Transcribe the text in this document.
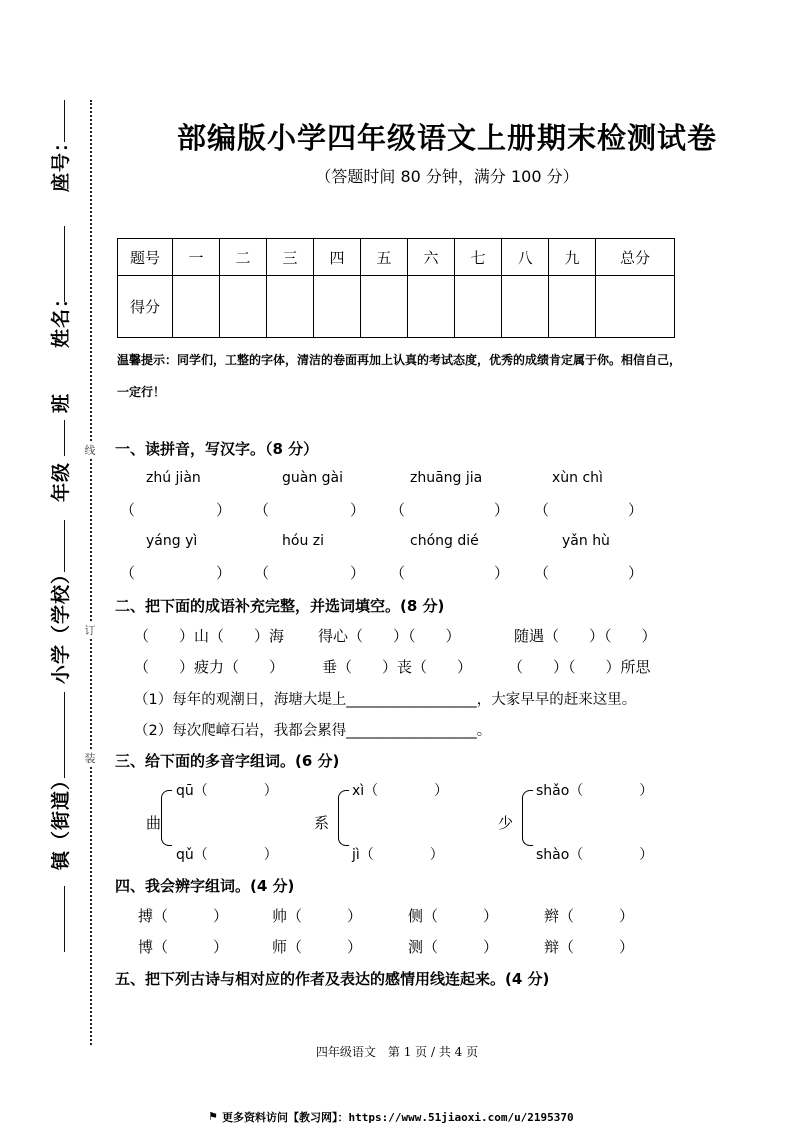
线
订
装
座号：
姓名：
班
年级
小学（学校）
镇（街道）
部编版小学四年级语文上册期末检测试卷
（答题时间 80 分钟，满分 100 分）
题号	一	二	三	四	五	六	七	八	九	总分
得分										
温馨提示：同学们，工整的字体，清洁的卷面再加上认真的考试态度，优秀的成绩肯定属于你。相信自己，一定行！
一、读拼音，写汉字。（8 分）
zhú jiàn	guàn gài	zhuāng jia	xùn chì
（	） （	） （	） （	）
yáng yì	hóu zi	chóng dié	yǎn hù
（	） （	） （	） （	）
二、把下面的成语补充完整，并选词填空。(8 分)
（　　）山（　　）海 得心（　　）（　　）	随遇（　　）（　　）
（　　）疲力（　　）	垂（　　）丧（　　） （　　）（　　）所思
（1）每年的观潮日，海塘大堤上__________________，大家早早的赶来这里。
（2）每次爬嶂石岩，我都会累得__________________。
三、给下面的多音字组词。(6 分)
曲
qū（　　　　）
qǔ（　　　　）
系
xì（　　　　）
jì（　　　　）
少
shǎo（　　　　）
shào（　　　　）
四、我会辨字组词。(4 分)
搏（　　　）	帅（　　　）	侧（　　　）	辫（　　　）
博（　　　）	师（　　　）	测（　　　）	辩（　　　）
五、把下列古诗与相对应的作者及表达的感情用线连起来。(4 分)
四年级语文　第 1 页 / 共 4 页
⚑ 更多资料访问【教习网】：https://www.51jiaoxi.com/u/2195370
